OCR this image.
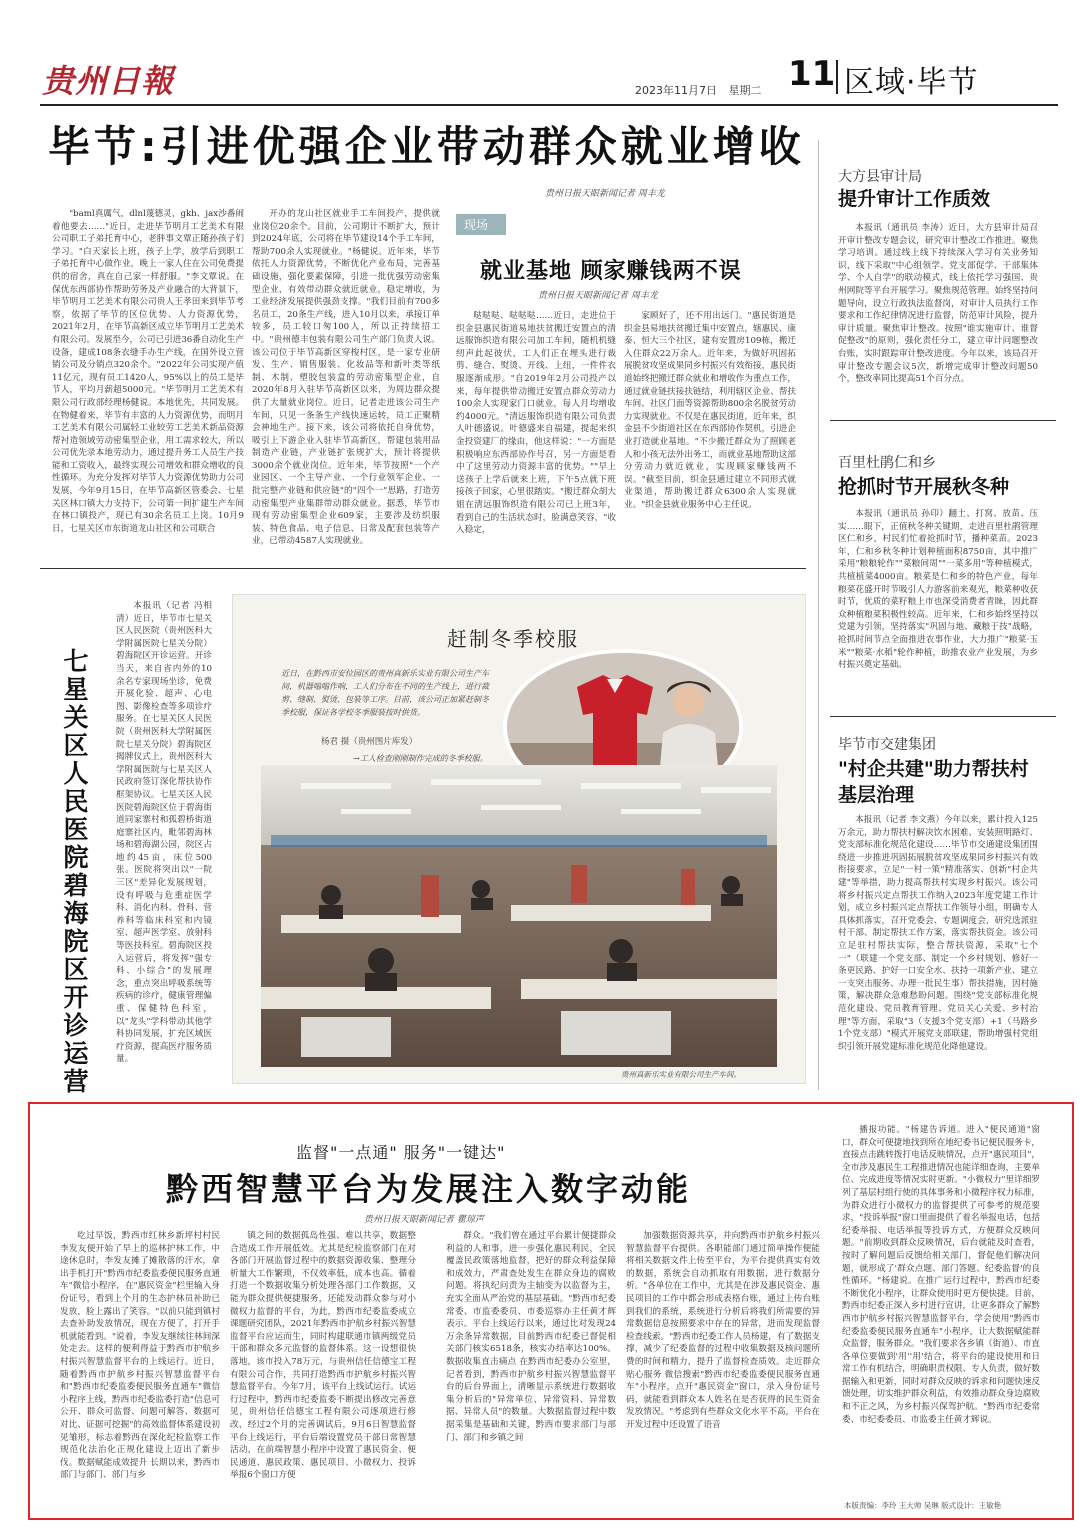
贵州日報	2023年11月7日 星期二 11 区域·毕节
毕节:引进优强企业带动群众就业增收
贵州日报天眼新闻记者 周丰龙

"baml真厲气，dlnl蔑德灵，gkh、jax沙番闹着他要去……"近日，走进毕节明月工艺美术有限公司职工子弟托育中心，老胖事文覃正随孙孩子们学习。"白天家长上班，孩子上学，放学后到职工子弟托育中心做作业，晚上一家人住在公司免费提供的宿舍，真在自己家一样舒服。"李文覃说。在保优东西部协作帮助劳务及产业融合的大背景下，毕节明月工艺美术有限公司贵人王孝田来到毕节考察，依据了毕节的区位优势、人力资源优势，2021年2月，在毕节高新区成立毕节明月工艺美术有限公司。发展至今，公司已引进36番自动化生产设备，建成108条衣缝手办生产线，在国外设立营销公司及分销点320余个。"2022年公司实现产值11亿元，现有员工1420人，95%以上的员工是毕节人，平均月薪超5000元。"毕节明月工艺美术有限公司行政部经理杨健说。本地优先，共同发展。在物健着来，毕节有丰富的人力资源优势，而明月工艺美术有限公司属轻工业较劳工艺美术新品资源帮衬造领域劳动密集型企业，用工需求较大，所以公司优先录本地劳动力，通过提升务工人员生产技能和工资收入，最终实现公司增效和群众增收的良性循环。为充分发挥对毕节人力资源优势助力公司发展，今年9月15日，在毕节高新区管委会、七星关区林口镇大力支持下，公司第一间扩建生产车间在林口镇投产，现已有30余名员工上岗。10月9日，七星关区市东街道龙山社区和公司联合

开办的龙山社区就业手工车间投产，提供就业岗位20余个。目前，公司期计不断扩大，预计到2024年底，公司将在毕节建设14个手工车间，帮助700余人实现就业。"杨健说。近年来，毕节依托人力资源优势，不断优化产业布局，完善基础设施，强化要素保障，引进一批优强劳动密集型企业，有效带动群众就近就业，稳定增收，为工业经济发展提供强劲支撑。"我们目前有700多名员工，20条生产线，进入10月以来，承接订单较多，员工较口匆100人，所以正持续招工中。"贵州德丰包装有限公司生产部门负责人说。该公司位于毕节高新区穿梭村区，是一家专业研发、生产、销售服装、化妆品等和新叶类等纸制、木制、塑胶包装盒的劳动密集型企业，自2020年8月入驻毕节高新区以来，为周边群众提供了大量就业岗位。近日，记者走进该公司生产车间，只见一条条生产线快速运转，员工正聚精会神地生产。接下来，该公司将依托自身优势，吸引上下游企业入驻毕节高新区，帮建包装用品制造产业链，产业链扩张规扩大，预计将提供3000余个就业岗位。近年来，毕节按照"一个产业园区、一个主导产业、一个行业领军企业、一批完整产业链和供应链"的"四个一"思路，打造劳动密集型产业集群带动群众就业。据悉，毕节市现有劳动密集型企业609家，主要涉及纺织服装、特色食品、电子信息、日常及配套包装等产业，已带动4587人实现就业。

现场
就业基地 顾家赚钱两不误
贵州日报天眼新闻记者 周丰龙

哒哒哒、哒哒哒……近日，走进位于织金县惠民街道易地扶贫搬迁安置点的清远服饰织造有限公司加工车间，随机机缝纫声此起彼伏，工人们正在埋头进行裁剪、缝合、熨烫、开线、上纽，一件件衣服逐渐成形。"自2019年2月公司投产以来，每年提供带动搬迁安置点群众劳动力100余人实现家门口就业，每人月均增收约4000元。"清远服饰织造有限公司负责人叶德盛说。叶德盛来自福建，提起来织金投资建厂的缘由，他这样说："一方面是积极响应东西部协作号召，另一方面是看中了这里劳动力资源丰富的优势。""早上送孩子上学后就来上班，下午5点就下班接孩子回家，心里很踏实。"搬迁群众胡大姐在清远服饰织造有限公司已上班3年，看到自己的生活状态时，脸满意笑容，"收入稳定，

家顾好了，还不用出远门。"惠民街道是织金县易地扶贫搬迁集中安置点，辖惠民、康泰、恒大三个社区，建有安置房109栋，搬迁入住群众22万余人。近年来，为做好巩固拓展脱贫攻坚成果同乡村振兴有效衔接，惠民街道始终把搬迁群众就业和增收作为重点工作，通过就业链扶接扶链结，利用辖区企业、帮扶车间、社区门面等资源帮助800余名脱贫劳动力实现就业。不仅是在惠民街道，近年来，织金县不少街道社区在东西部协作契机，引进企业打造就业基地。"不少搬迁群众为了照顾老人和小孩无法外出务工，而就业基地帮助这部分劳动力就近就业，实现顾家赚钱两不误。"截至目前，织金县通过建立不同形式就业渠道，帮助搬迁群众6300余人实现就业。"织金县就业服务中心主任说。

大方县审计局
提升审计工作质效

本报讯（通讯员 李涛）近日，大方县审计局召开审计整改专题会议，研究审计整改工作推进。聚焦学习培训。通过线上线下持续深入学习有关业务知识，线下采取"中心组领学、党支部促学、干部集体学、个人自学"的联动模式，线上依托学习强国、贵州网院等平台开展学习。聚焦规范管理。始终坚持问题导向，设立行政执法监督岗，对审计人员执行工作要求和工作纪律情况进行监督，防范审计风险，提升审计质量。聚焦审计整改。按照"谁实施审计、谁督促整改"的原则，强化责任分工，建立审计问题整改台账，实时跟踪审计整改进度。今年以来，该局召开审计整改专题会议5次，新增完成审计整改问题50个，整改率同比提高51个百分点。

百里杜鹃仁和乡
抢抓时节开展秋冬种

本报讯（通讯员 孙印）翻土、打窝、放苗、压实……眼下，正值秋冬种关键期，走进百里杜鹃管理区仁和乡，村民们忙着抢抓时节，播种菜苗。2023年，仁和乡秋冬种计划种植面积8750亩，其中推广采用"粮粮轮作""菜粮间周""一菜多用"等种植模式，共植植菜4000亩。粮菜是仁和乡的特色产业，每年粮菜花盛开时节吸引人力游客前来观光，粮菜种收获时节，优质的菜籽粮上市也深受消费者青睐，因此群众种植粮菜积极性较高。近年来，仁和乡始终坚持以党建为引领，坚持落实"巩固与地、藏粮于技"战略，抢抓时间节点全面推进农事作业，大力推广"粮菜·玉米""粮菜·水稻"轮作种植，助推农业产业发展，为乡村振兴奠定基础。

毕节市交建集团
"村企共建"助力帮扶村基层治理

本报讯（记者 李文燕）今年以来，累计投入125万余元，助力帮扶村解决饮水困难、安装照明路灯、党支部标准化规范化建设……毕节市交通建设集团围绕进一步推进巩固拓展脱贫攻坚成果同乡村振兴有效衔接要求，立足"一村一策"精准落实、创新"村企共建"等举措，助力提高帮扶村实现乡村振兴。该公司将乡村振兴定点帮扶工作纳入2023年度党建工作计划，成立乡村振兴定点帮扶工作领导小组，明确专人具体抓落实，召开党委会、专题调度会，研究选派驻村干部、制定帮扶工作方案，落实帮扶资金。该公司立足驻村帮扶实际，整合帮扶资源，采取"七个一"（联建一个党支部、制定一个乡村规划、修好一条更民路、护好一口安全水、扶持一项新产业、建立一支突击服务、办理一批民生事）帮扶措施，因村施策，解决群众急难愁盼问题。围绕"党支部标准化规范化建设、党员教育管理、党员关心关爱、乡村治理"等方面，采取"3（支援3个党支部）+1（马路乡1个党支部）"模式开展党支部联建，帮助增强村党组织引领开展党建标准化规范化降他建设。

七星关区人民医院碧海院区开诊运营

本报讯（记者 冯相清）近日，毕节市七星关区人民医院（贵州医科大学附属医院七星关分院）碧海院区开诊运营。开诊当天，来自省内外的10余名专家现场坐诊，免费开展化验、超声、心电图、影像检查等多项诊疗服务。在七星关区人民医院（贵州医科大学附属医院七星关分院）碧海院区揭牌仪式上，贵州医科大学附属医院与七星关区人民政府签订深化帮扶协作框架协议。七星关区人民医院碧海院区位于碧海街道同家寨村和孤碧桥街道庭寨社区内，毗邻碧海林场和碧海湖公园，院区占地约45亩，床位500张。医院将突出以"一院三区"差异化发展规划，设有呼吸与危重症医学科、消化内科、骨科、营养科等临床科室和内镜室、超声医学室、放射科等医技科室。碧海院区投入运营后，将发挥"强专科、小综合"的发展理念，重点突出呼吸系统等疾病的诊疗，健康管理偏重、保健特色科室，以"龙头"学科带动其他学科协同发展，扩充区域医疗资源，提高医疗服务质量。

赶制冬季校服
近日，在黔西市安位园区的贵州真新乐实业有限公司生产车间，机器嗡嗡作响，工人们分布在不同的生产线上，进行裁剪、缝制、熨烫、包装等工序。目前，该公司正加紧赶制冬季校服，保证各学校冬季服装按时供货。
杨君 摄（贵州图片库发）
→工人检查刚刚制作完成的冬季校服。
贵州真新乐实业有限公司生产车间。
监督"一点通" 服务"一键达"
黔西智慧平台为发展注入数字动能
贵州日报天眼新闻记者 瞿琼声

吃过早饭，黔西市红林乡新坪村村民李发友便开始了早上的巡林护林工作，中途休息时，李发友摊了摊散落的汗水，拿出手机打开"黔西市纪委监委便民服务直通车"微信小程序，在"惠民资金"栏里输入身份证号，看到上个月的生态护林员补助已发放，脸上露出了笑容。"以前只能到镇村去查补助发放情况，现在方便了，打开手机就能看到。"说着，李发友继续往林间深处走去。这样的便利得益于黔西市护航乡村振兴智慧监督平台的上线运行。近日，随着黔西市护航乡村振兴智慧监督平台和"黔西市纪委监委便民服务直通车"微信小程序上线，黔西市纪委监委打造"信息可公开、群众可监督、问题可解答、数据可对比、证据可挖掘"的高效监督体系建设初见雏形，标志着黔西在深化纪检监察工作规范化法治化正规化建设上迈出了新步伐。数据赋能成效提升 长期以来，黔西市部门与部门、部门与乡

镇之间的数据孤岛性强、难以共享，数据整合造成工作开展低效。尤其是纪检监察部门在对各部门开展监督过程中的数据资源收集、整理分析量大工作繁琐，不仅效率低，成本也高。循着打造一个数据收集分析处理各部门工作数据，又能为群众提供便捷服务，还能发动群众参与对小微权力监督的平台，为此，黔西市纪委监委成立课题研究团队，2021年黔西市护航乡村振兴智慧监督平台应运而生，同时构建联通市镇两级党员干部和群众多元监督的监督体系。这一设想很快落地，该市投入78万元，与贵州信任信德宝工程有限公司合作，共同打造黔西市护航乡村振兴智慧监督平台。今年7月，该平台上线试运行。试运行过程中，黔西市纪委监委不断提出修改完善意见，贵州信任信德宝工程有限公司逐项进行修改，经过2个月的完善调试后，9月6日智慧监督平台上线运行，平台后端设置党员干部日常智慧活动，在前端智慧小程序中设置了惠民资金、便民通道、惠民政策、惠民项目、小微权力、投诉举报6个窗口方便

群众。"我们曾在通过平台累计便捷群众利益的人和事，进一步强化惠民利民，全民覆盖民政策落地监督，把好的群众利益保障和成效力，严肃查处发生在群众身边的腐败问题。将执纪问责为主轴变为以监督为主，充实全面从严治党的基层基础。"黔西市纪委常委、市监委委员、市委巡察办主任黄才辉表示。平台上线运行以来，通过比对发现24万余条异常数据，目前黔西市纪委已督促相关部门核实6518条，核实办结率达100%。数据收集直击痛点 在黔西市纪委办公室里，记者看到，黔西市护航乡村振兴智慧监督平台的后台界面上，清晰显示系统进行数据收集分析后的"异常单位、异常资料、异常数据、异常人员"的数量。大数据监督过程中数据采集是基础和关键，黔西市要求部门与部门、部门和乡镇之间

加强数据资源共享，并向黔西市护航乡村振兴智慧监督平台提供。各职能部门通过简单操作便能将相关数据文件上传至平台，为平台提供真实有效的数据，系统会自动抓取有用数据，进行数据分析。"各单位在工作中，尤其是在涉及惠民资金、惠民项目的工作中都会形成表格台账，通过上传台账到我们的系统，系统进行分析后将我们所需要的异常数据信息按照要求中存在的异常，进而发现监督检查线索。"黔西市纪委工作人员杨建，有了数据支撑，减少了纪委监督的过程中收集数据及核问题所费的时间和精力，提升了监督检查质效。走近群众贴心服务 微信搜索"黔西市纪委监委便民服务直通车"小程序，点开"惠民资金"窗口，录入身份证号码，就能看到群众本人姓名在是否获得的民生资金发放情况。"考虑到有些群众文化水平不高，平台在开发过程中还设置了语音

播报功能。"杨建告诉道。进入"便民通道"窗口，群众可便捷地找到所在地纪委书记便民服务卡，直接点击跳转拨打电话反映情况，点开"惠民项目"，全市涉及惠民生工程推进情况也能详细查询，主要单位、完成进度等情况实时更新。"小微权力"里详细罗列了基层村组行使的具体事务和小微程序权力标准，为群众进行小微权力的监督提供了可参考的规范要求，"投诉举报"窗口里面提供了着名举报电话，包括纪委举报、电话举报等投诉方式，方便群众反映问题。"前期收到群众反映情况，后台就能及时查看，按时了解问题后反馈给相关部门，督促他们解决问题，就形成了'群众点题、部门答题、纪委监督'的良性循环。"杨建说。在推广运行过程中，黔西市纪委不断优化小程序，让群众使用时更方便快捷。目前，黔西市纪委正深入乡村进行宣讲，让更多群众了解黔西市护航乡村振兴智慧监督平台，学会使用"黔西市纪委监委便民服务直通车"小程序，让大数据赋能群众监督，服务群众。"我们要求各乡镇（街道）、市直各单位要做到'用''用'结合，将平台的建设使用和日常工作有机结合，明确职责权限、专人负责，做好数据输入和更新，同时对群众反映的诉求和问题快速反馈处理，切实维护群众利益，有效推动群众身边腐败和不正之风，为乡村振兴保驾护航。"黔西市纪委常委、市纪委委员、市监委主任黄才辉说。

本版责编：李玲 王大帅 吴琳 版式设计：王敏艳
